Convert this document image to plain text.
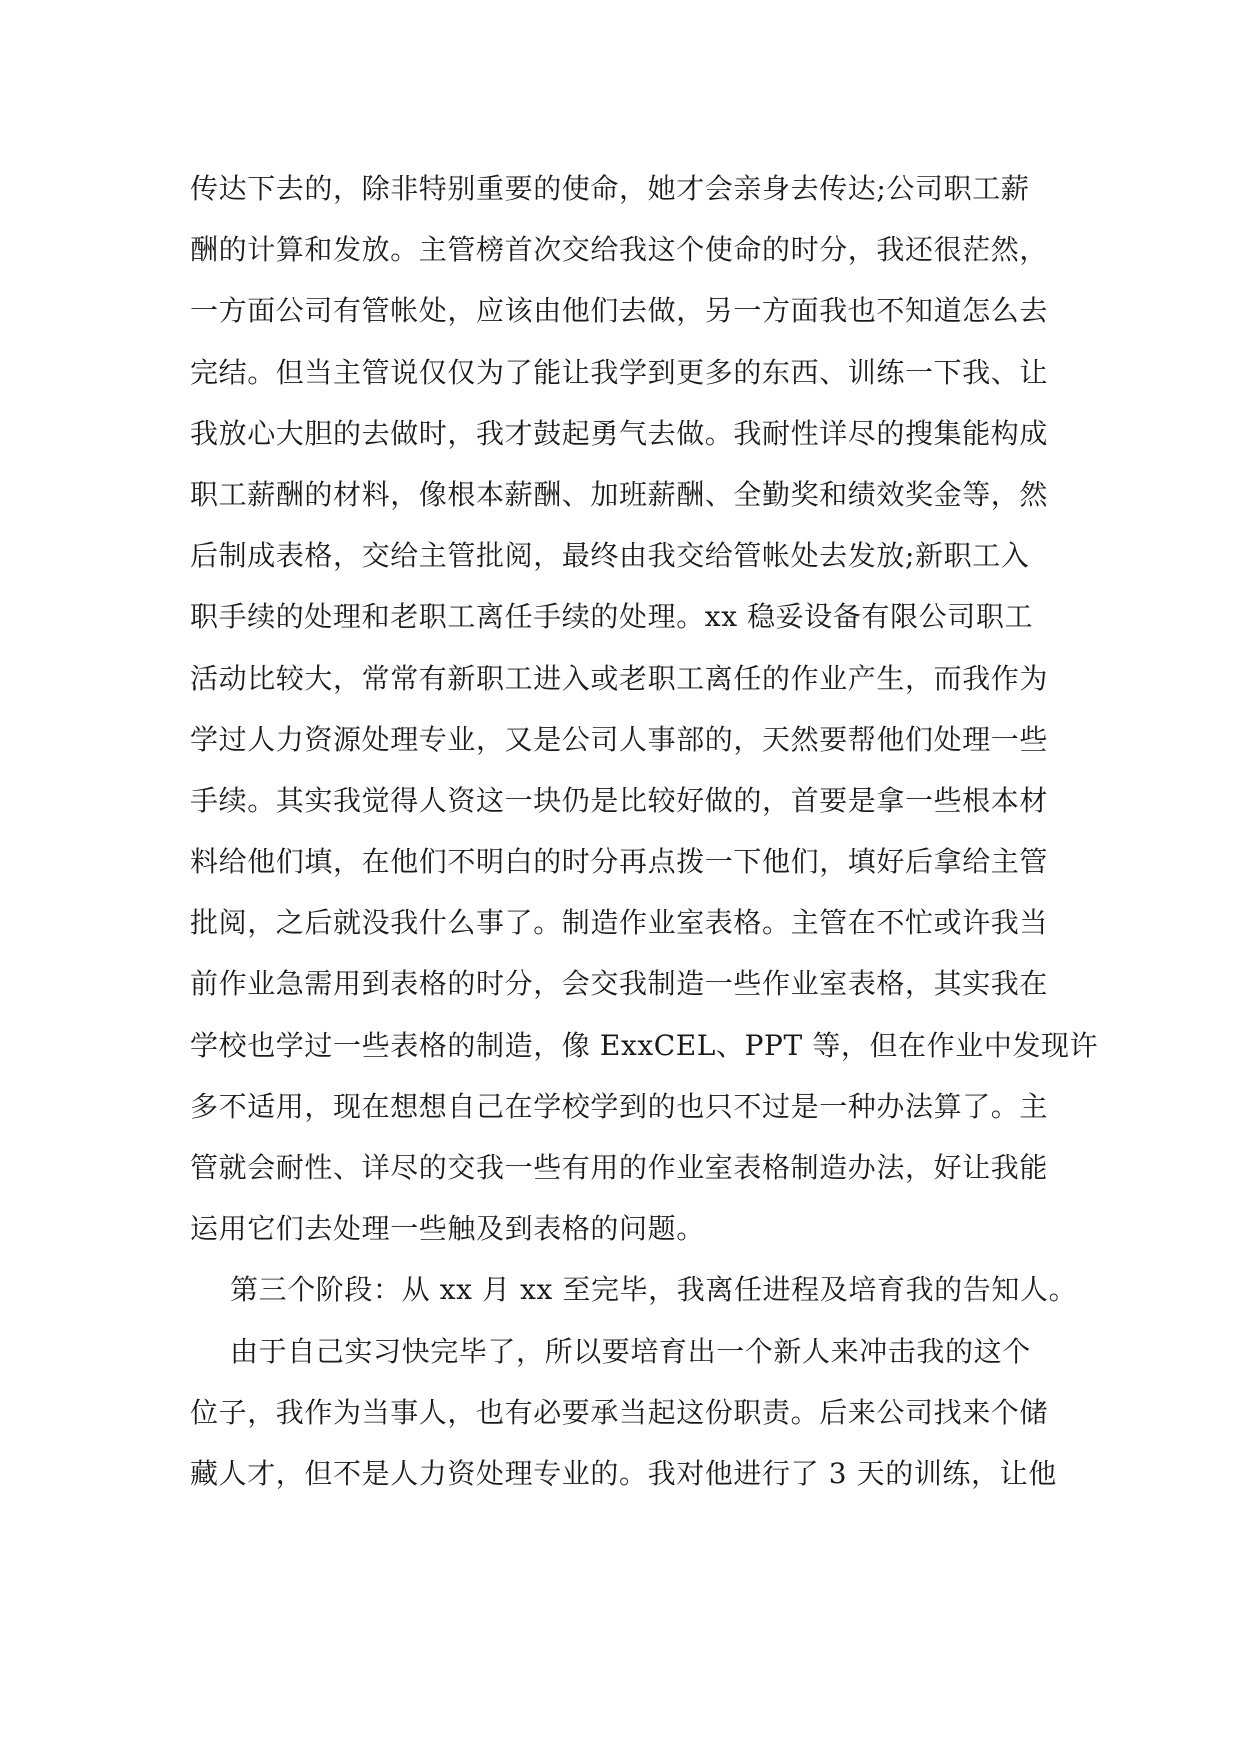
传达下去的，除非特别重要的使命，她才会亲身去传达;公司职工薪
酬的计算和发放。主管榜首次交给我这个使命的时分，我还很茫然，
一方面公司有管帐处，应该由他们去做，另一方面我也不知道怎么去
完结。但当主管说仅仅为了能让我学到更多的东西、训练一下我、让
我放心大胆的去做时，我才鼓起勇气去做。我耐性详尽的搜集能构成
职工薪酬的材料，像根本薪酬、加班薪酬、全勤奖和绩效奖金等，然
后制成表格，交给主管批阅，最终由我交给管帐处去发放;新职工入
职手续的处理和老职工离任手续的处理。xx 稳妥设备有限公司职工
活动比较大，常常有新职工进入或老职工离任的作业产生，而我作为
学过人力资源处理专业，又是公司人事部的，天然要帮他们处理一些
手续。其实我觉得人资这一块仍是比较好做的，首要是拿一些根本材
料给他们填，在他们不明白的时分再点拨一下他们，填好后拿给主管
批阅，之后就没我什么事了。制造作业室表格。主管在不忙或许我当
前作业急需用到表格的时分，会交我制造一些作业室表格，其实我在
学校也学过一些表格的制造，像 ExxCEL、PPT 等，但在作业中发现许
多不适用，现在想想自己在学校学到的也只不过是一种办法算了。主
管就会耐性、详尽的交我一些有用的作业室表格制造办法，好让我能
运用它们去处理一些触及到表格的问题。
第三个阶段：从 xx 月 xx 至完毕，我离任进程及培育我的告知人。
由于自己实习快完毕了，所以要培育出一个新人来冲击我的这个
位子，我作为当事人，也有必要承当起这份职责。后来公司找来个储
藏人才，但不是人力资处理专业的。我对他进行了 3 天的训练，让他
